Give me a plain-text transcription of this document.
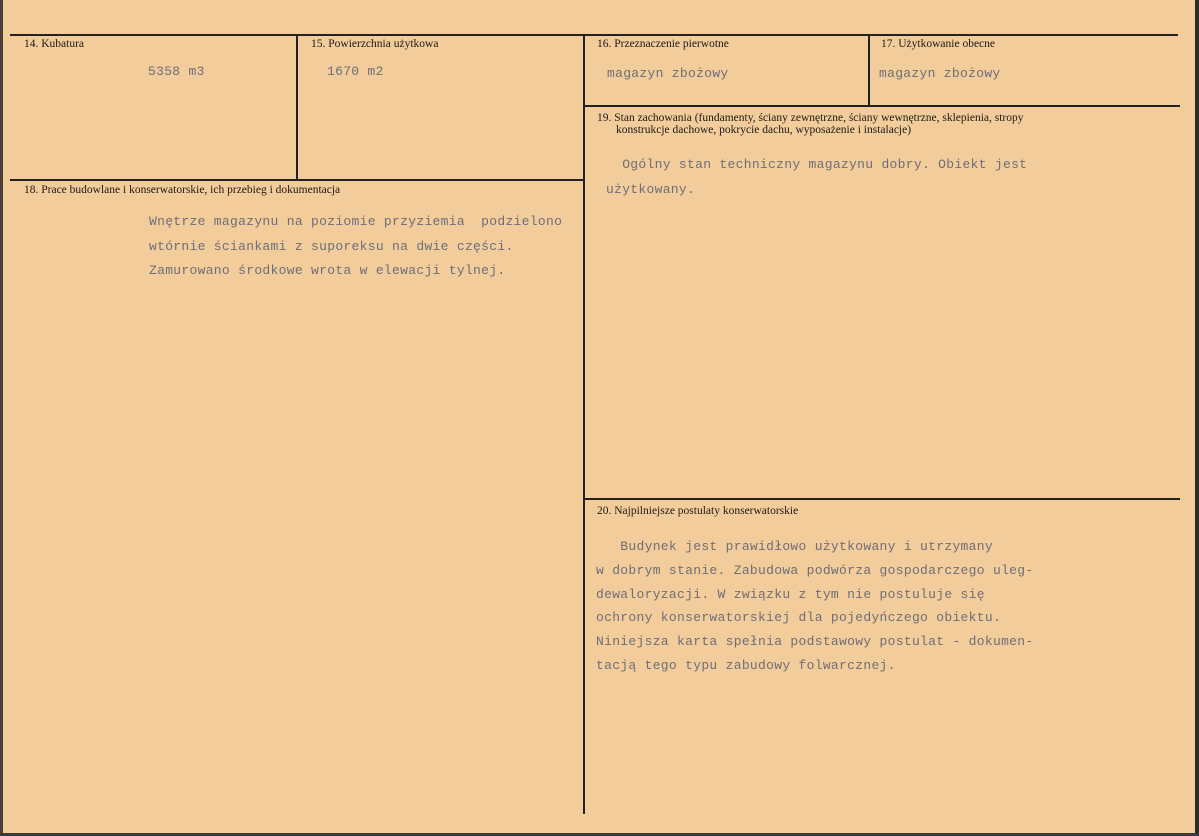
14. Kubatura
5358 m3
15. Powierzchnia użytkowa
1670 m2
16. Przeznaczenie pierwotne
magazyn zbożowy
17. Użytkowanie obecne
magazyn zbożowy
19. Stan zachowania (fundamenty, ściany zewnętrzne, ściany wewnętrzne, sklepienia, stropy
konstrukcje dachowe, pokrycie dachu, wyposażenie i instalacje)
Ogólny stan techniczny magazynu dobry. Obiekt jest
użytkowany.
18. Prace budowlane i konserwatorskie, ich przebieg i dokumentacja
Wnętrze magazynu na poziomie przyziemia  podzielono
wtórnie ściankami z suporeksu na dwie części.
Zamurowano środkowe wrota w elewacji tylnej.
20. Najpilniejsze postulaty konserwatorskie
Budynek jest prawidłowo użytkowany i utrzymany
w dobrym stanie. Zabudowa podwórza gospodarczego uleg-
dewaloryzacji. W związku z tym nie postuluje się
ochrony konserwatorskiej dla pojedyńczego obiektu.
Niniejsza karta spełnia podstawowy postulat - dokumen-
tacją tego typu zabudowy folwarcznej.
